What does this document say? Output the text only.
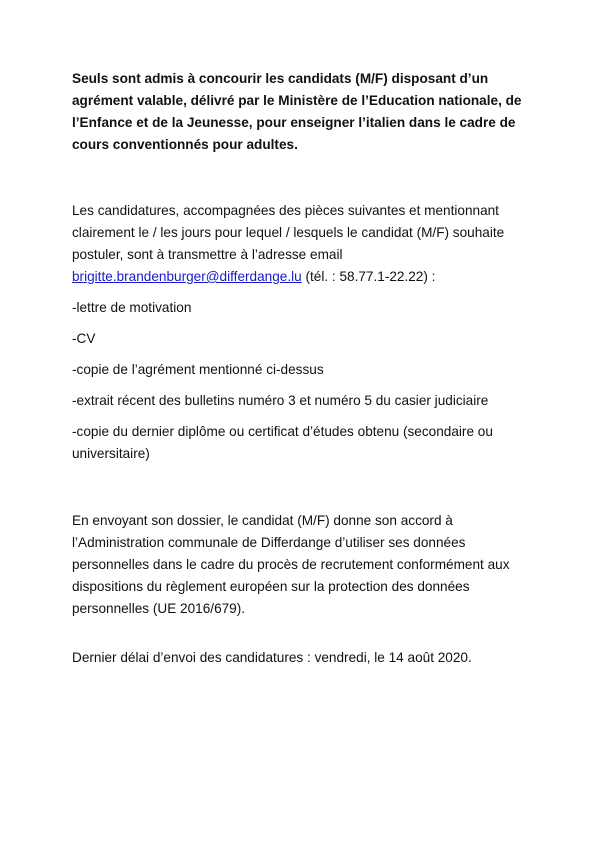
Seuls sont admis à concourir les candidats (M/F) disposant d’un agrément valable, délivré par le Ministère de l’Education nationale, de l’Enfance et de la Jeunesse, pour enseigner l’italien dans le cadre de cours conventionnés pour adultes.

Les candidatures, accompagnées des pièces suivantes et mentionnant clairement le / les jours pour lequel / lesquels le candidat (M/F) souhaite postuler, sont à transmettre à l’adresse email brigitte.brandenburger@differdange.lu (tél. : 58.77.1-22.22) :

-lettre de motivation

-CV

-copie de l’agrément mentionné ci-dessus

-extrait récent des bulletins numéro 3 et numéro 5 du casier judiciaire

-copie du dernier diplôme ou certificat d’études obtenu (secondaire ou universitaire)

En envoyant son dossier, le candidat (M/F) donne son accord à l’Administration communale de Differdange d’utiliser ses données personnelles dans le cadre du procès de recrutement conformément aux dispositions du règlement européen sur la protection des données personnelles (UE 2016/679).

Dernier délai d’envoi des candidatures : vendredi, le 14 août 2020.
